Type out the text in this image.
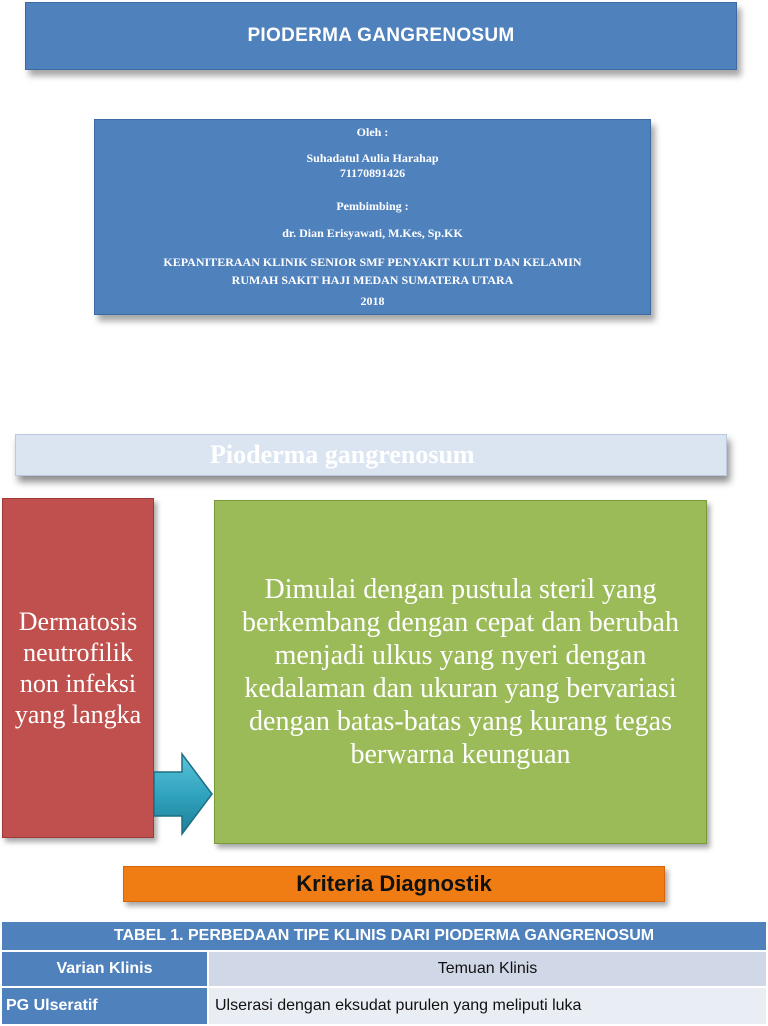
PIODERMA GANGRENOSUM
Oleh :
Suhadatul Aulia Harahap
71170891426
Pembimbing :
dr. Dian Erisyawati, M.Kes, Sp.KK
KEPANITERAAN KLINIK SENIOR SMF PENYAKIT KULIT DAN KELAMIN
RUMAH SAKIT HAJI MEDAN SUMATERA UTARA
2018
Pioderma gangrenosum
Dermatosis neutrofilik non infeksi yang langka
Dimulai dengan pustula steril yang berkembang dengan cepat dan berubah menjadi ulkus yang nyeri dengan kedalaman dan ukuran yang bervariasi dengan batas-batas yang kurang tegas berwarna keunguan
Kriteria Diagnostik
TABEL 1. PERBEDAAN TIPE KLINIS DARI PIODERMA GANGRENOSUM	
Varian Klinis	Temuan Klinis
PG Ulseratif	Ulserasi dengan eksudat purulen yang meliputi luka
